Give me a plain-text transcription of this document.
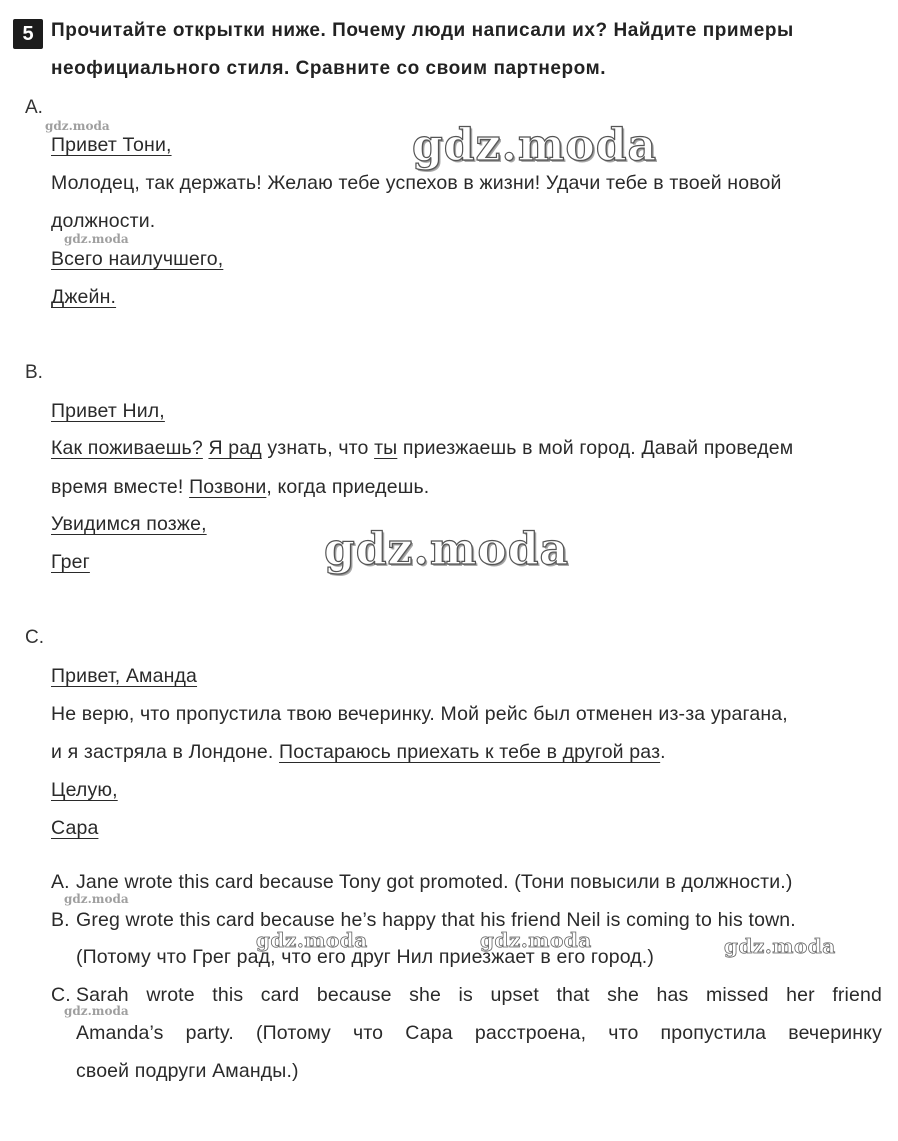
5 Прочитайте открытки ниже. Почему люди написали их? Найдите примеры
неофициального стиля. Сравните со своим партнером.
A.
Привет Тони,
Молодец, так держать! Желаю тебе успехов в жизни! Удачи тебе в твоей новой
должности.
Всего наилучшего,
Джейн.
B.
Привет Нил,
Как поживаешь? Я рад узнать, что ты приезжаешь в мой город. Давай проведем
время вместе! Позвони, когда приедешь.
Увидимся позже,
Грег
C.
Привет, Аманда
Не верю, что пропустила твою вечеринку. Мой рейс был отменен из-за урагана,
и я застряла в Лондоне. Постараюсь приехать к тебе в другой раз.
Целую,
Сара
A. Jane wrote this card because Tony got promoted. (Тони повысили в должности.)
B. Greg wrote this card because he’s happy that his friend Neil is coming to his town.
(Потому что Грег рад, что его друг Нил приезжает в его город.)
C. Sarah wrote this card because she is upset that she has missed her friend
Amanda’s party. (Потому что Сара расстроена, что пропустила вечеринку
своей подруги Аманды.)
gdz.moda
gdz.moda
gdz.moda
gdz.moda
gdz.moda
gdz.moda
gdz.moda	gdz.moda	gdz.moda
